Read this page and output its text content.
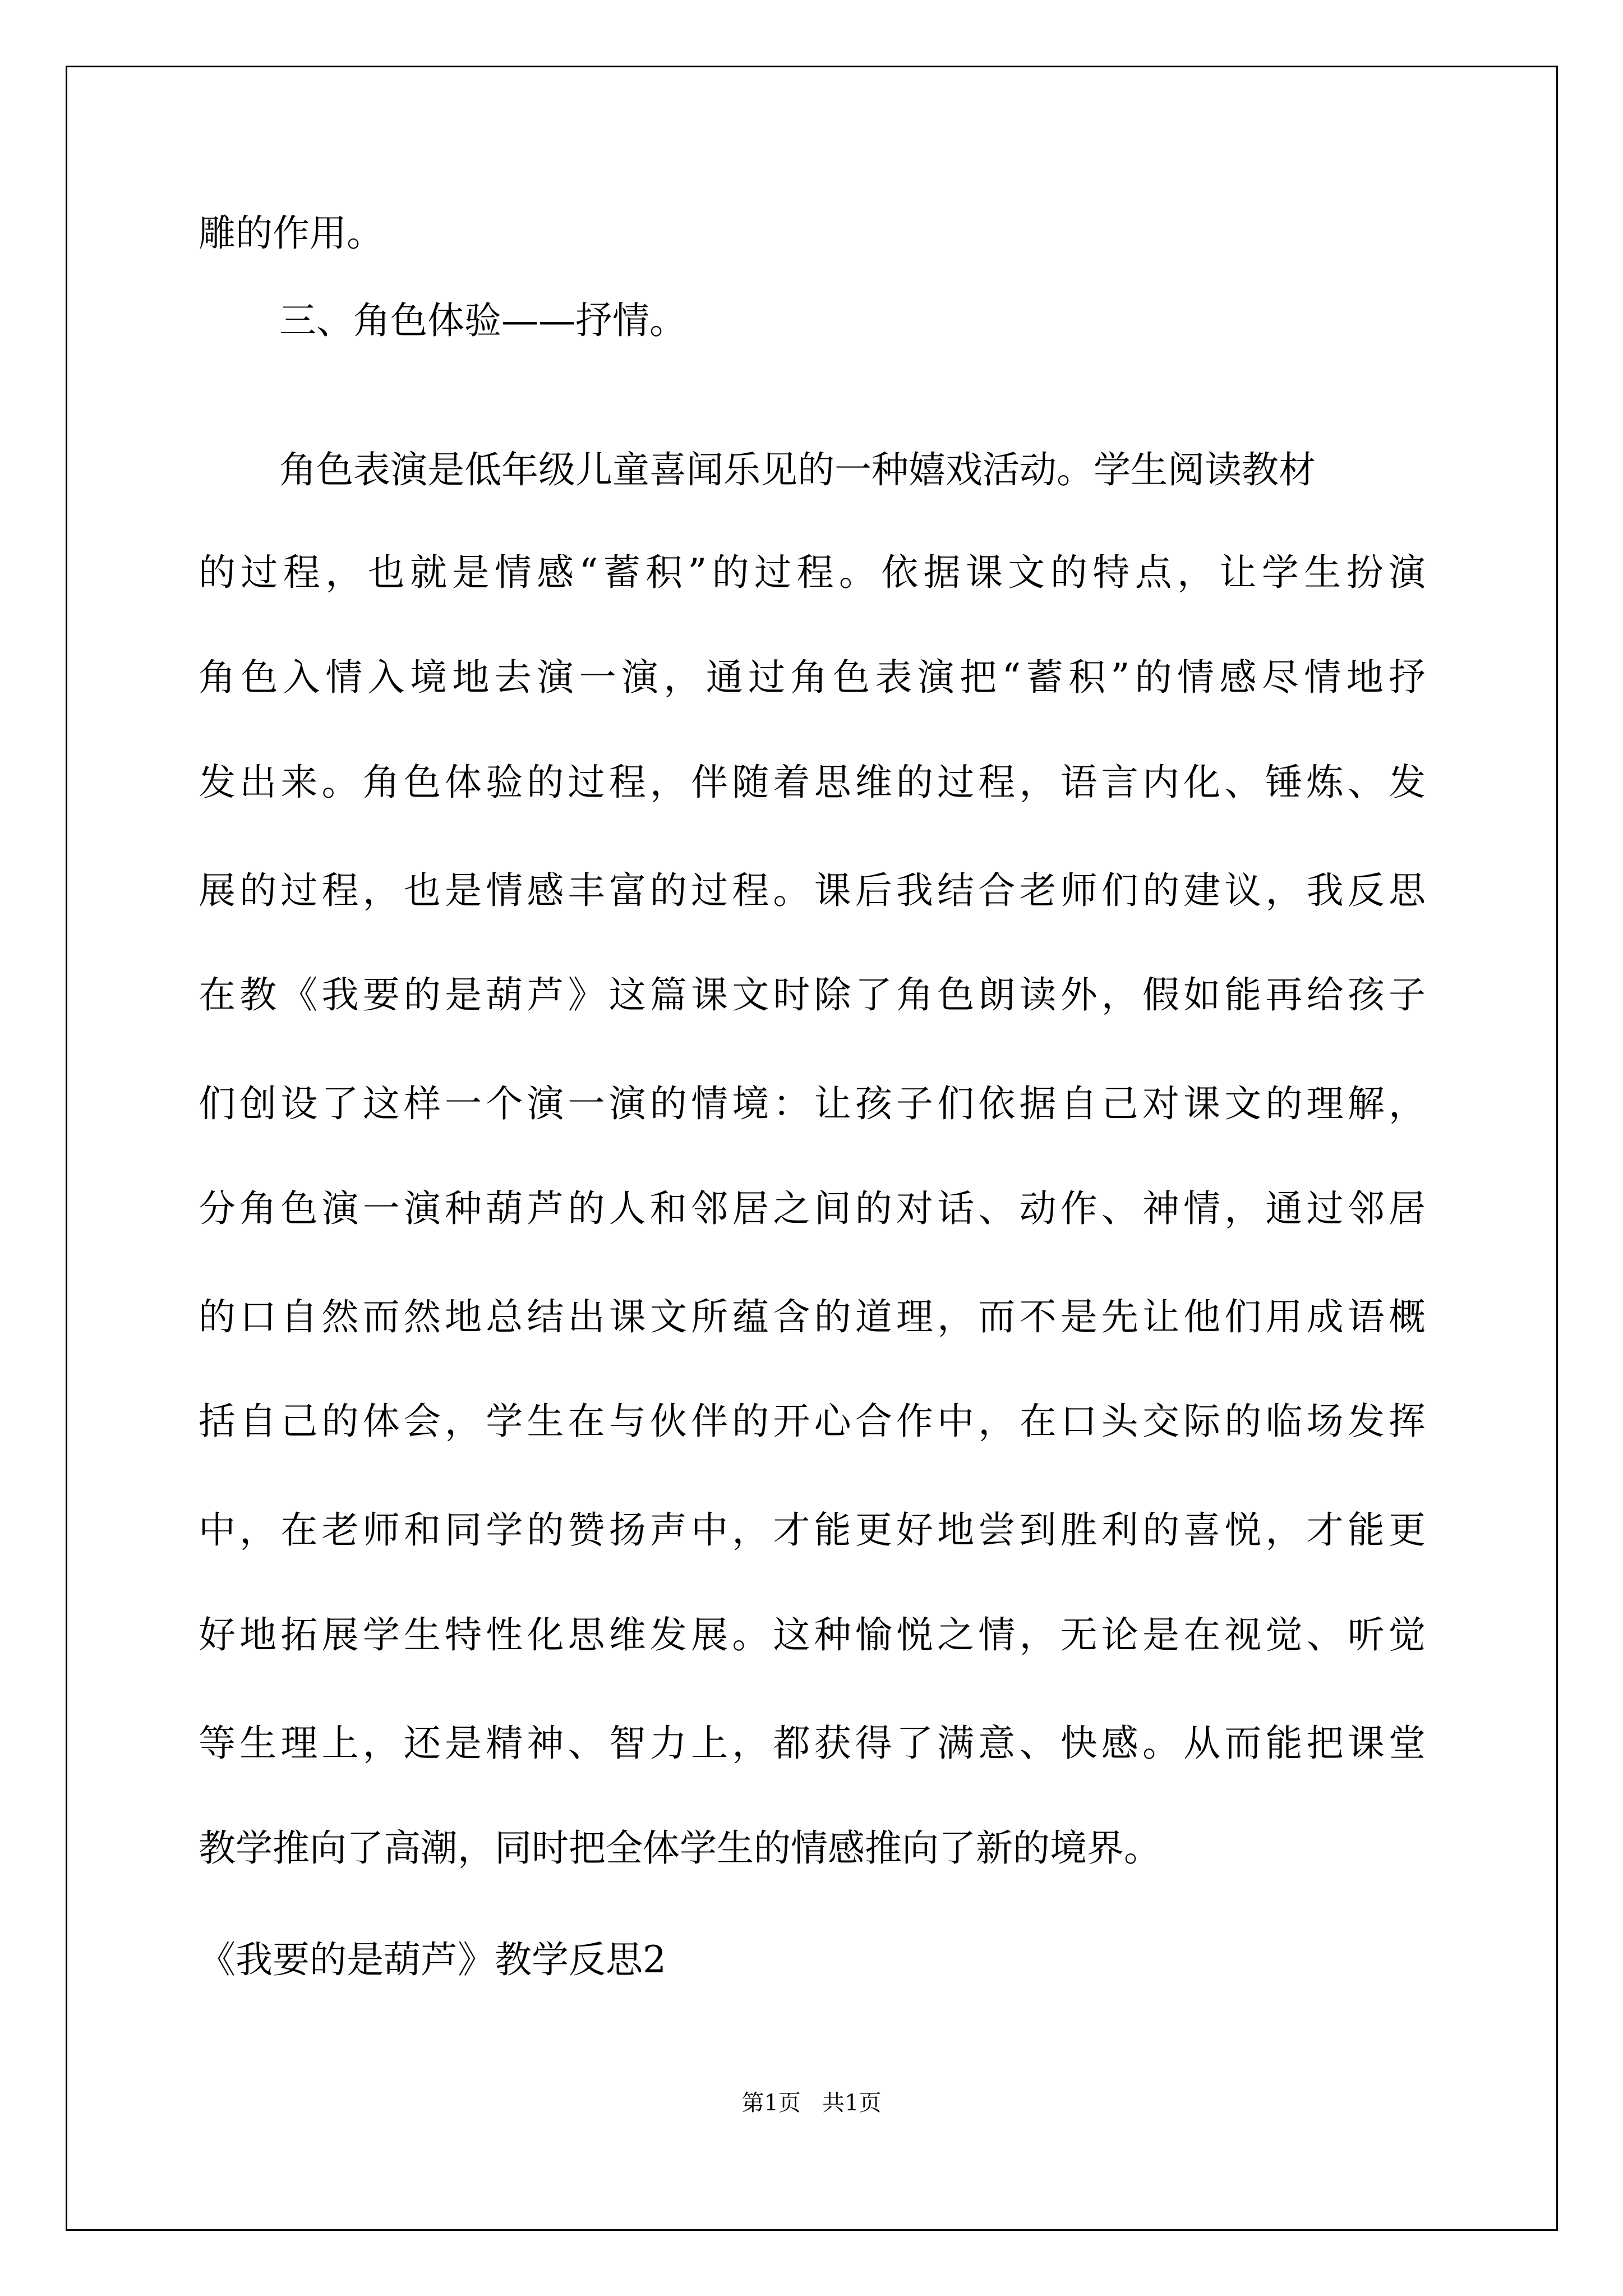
雕的作用。
三、角色体验——抒情。
角色表演是低年级儿童喜闻乐见的一种嬉戏活动。学生阅读教材
的过程，也就是情感“蓄积”的过程。依据课文的特点，让学生扮演
角色入情入境地去演一演，通过角色表演把“蓄积”的情感尽情地抒
发出来。角色体验的过程，伴随着思维的过程，语言内化、锤炼、发
展的过程，也是情感丰富的过程。课后我结合老师们的建议，我反思
在教《我要的是葫芦》这篇课文时除了角色朗读外，假如能再给孩子
们创设了这样一个演一演的情境：让孩子们依据自己对课文的理解，
分角色演一演种葫芦的人和邻居之间的对话、动作、神情，通过邻居
的口自然而然地总结出课文所蕴含的道理，而不是先让他们用成语概
括自己的体会，学生在与伙伴的开心合作中，在口头交际的临场发挥
中，在老师和同学的赞扬声中，才能更好地尝到胜利的喜悦，才能更
好地拓展学生特性化思维发展。这种愉悦之情，无论是在视觉、听觉
等生理上，还是精神、智力上，都获得了满意、快感。从而能把课堂
教学推向了高潮，同时把全体学生的情感推向了新的境界。
《我要的是葫芦》教学反思2
第1页   共1页
